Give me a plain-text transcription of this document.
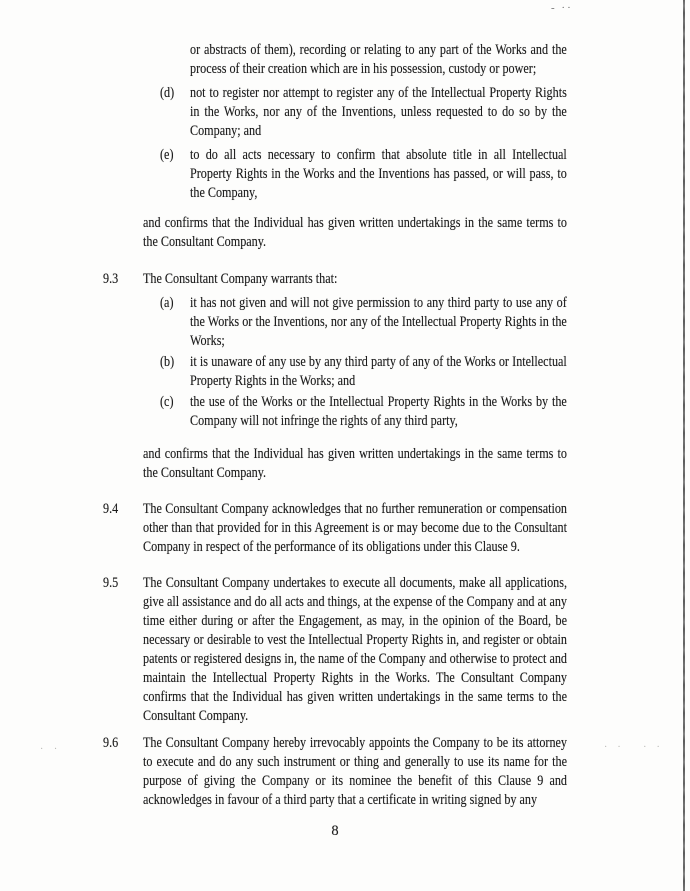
- ··
· ·	·· ··
or abstracts of them), recording or relating to any part of the Works and the process of their creation which are in his possession, custody or power;
(d)	not to register nor attempt to register any of the Intellectual Property Rights in the Works, nor any of the Inventions, unless requested to do so by the Company; and
(e)	to do all acts necessary to confirm that absolute title in all Intellectual Property Rights in the Works and the Inventions has passed, or will pass, to the Company,
and confirms that the Individual has given written undertakings in the same terms to the Consultant Company.
9.3	The Consultant Company warrants that:
(a)	it has not given and will not give permission to any third party to use any of the Works or the Inventions, nor any of the Intellectual Property Rights in the Works;
(b)	it is unaware of any use by any third party of any of the Works or Intellectual Property Rights in the Works; and
(c)	the use of the Works or the Intellectual Property Rights in the Works by the Company will not infringe the rights of any third party,
and confirms that the Individual has given written undertakings in the same terms to the Consultant Company.
9.4	The Consultant Company acknowledges that no further remuneration or compensation other than that provided for in this Agreement is or may become due to the Consultant Company in respect of the performance of its obligations under this Clause 9.
9.5	The Consultant Company undertakes to execute all documents, make all applications, give all assistance and do all acts and things, at the expense of the Company and at any time either during or after the Engagement, as may, in the opinion of the Board, be necessary or desirable to vest the Intellectual Property Rights in, and register or obtain patents or registered designs in, the name of the Company and otherwise to protect and maintain the Intellectual Property Rights in the Works. The Consultant Company confirms that the Individual has given written undertakings in the same terms to the Consultant Company.
9.6	The Consultant Company hereby irrevocably appoints the Company to be its attorney to execute and do any such instrument or thing and generally to use its name for the purpose of giving the Company or its nominee the benefit of this Clause 9 and acknowledges in favour of a third party that a certificate in writing signed by any
8
